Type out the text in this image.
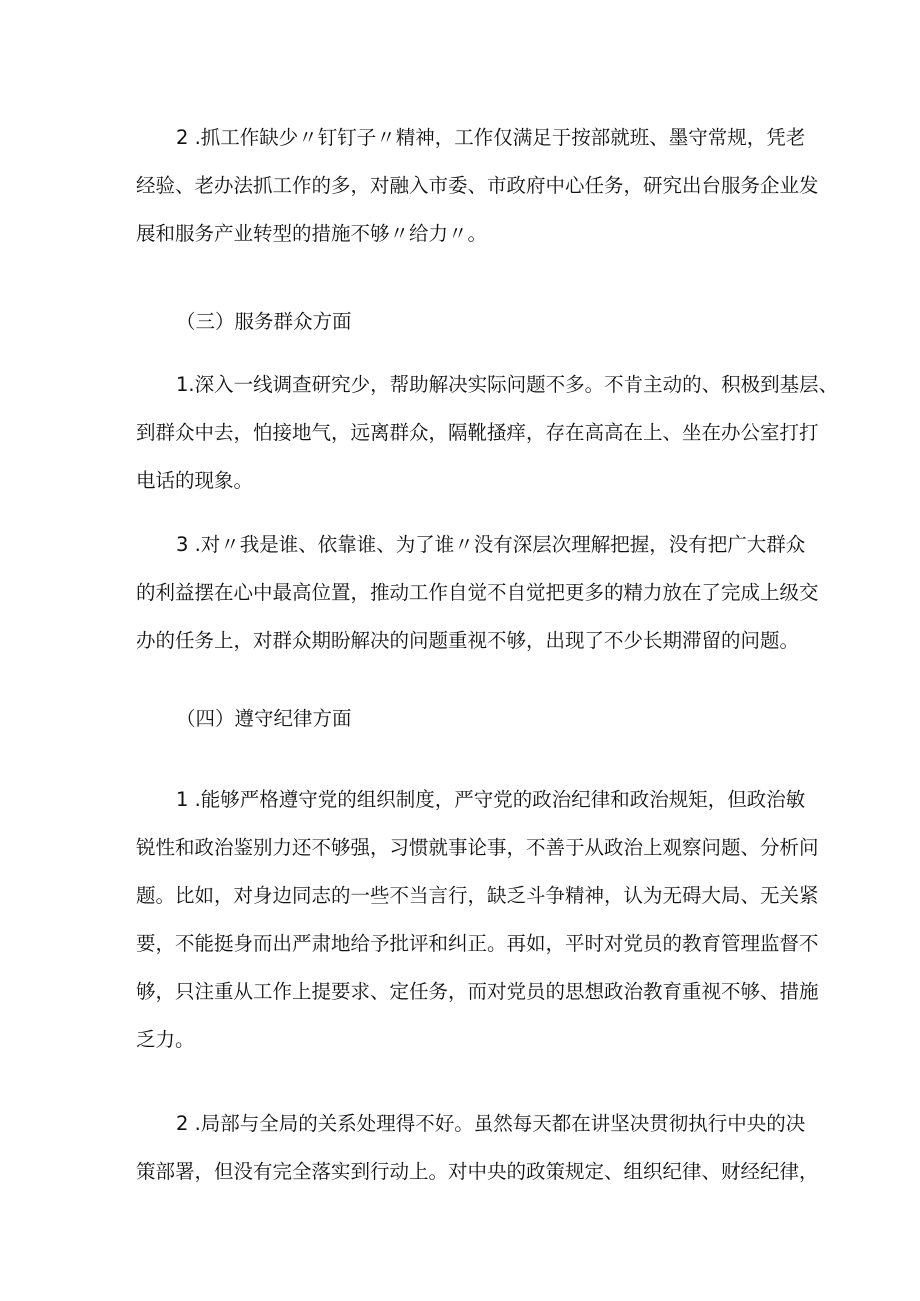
2 .抓工作缺少〃钉钉子〃精神，工作仅满足于按部就班、墨守常规，凭老
经验、老办法抓工作的多，对融入市委、市政府中心任务，研究出台服务企业发
展和服务产业转型的措施不够〃给力〃。

（三）服务群众方面

1.深入一线调查研究少，帮助解决实际问题不多。不肯主动的、积极到基层、
到群众中去，怕接地气，远离群众，隔靴搔痒，存在高高在上、坐在办公室打打
电话的现象。

3 .对〃我是谁、依靠谁、为了谁〃没有深层次理解把握，没有把广大群众
的利益摆在心中最高位置，推动工作自觉不自觉把更多的精力放在了完成上级交
办的任务上，对群众期盼解决的问题重视不够，出现了不少长期滞留的问题。

（四）遵守纪律方面

1 .能够严格遵守党的组织制度，严守党的政治纪律和政治规矩，但政治敏
锐性和政治鉴别力还不够强，习惯就事论事，不善于从政治上观察问题、分析问
题。比如，对身边同志的一些不当言行，缺乏斗争精神，认为无碍大局、无关紧
要，不能挺身而出严肃地给予批评和纠正。再如，平时对党员的教育管理监督不
够，只注重从工作上提要求、定任务，而对党员的思想政治教育重视不够、措施
乏力。

2 .局部与全局的关系处理得不好。虽然每天都在讲坚决贯彻执行中央的决
策部署，但没有完全落实到行动上。对中央的政策规定、组织纪律、财经纪律，
